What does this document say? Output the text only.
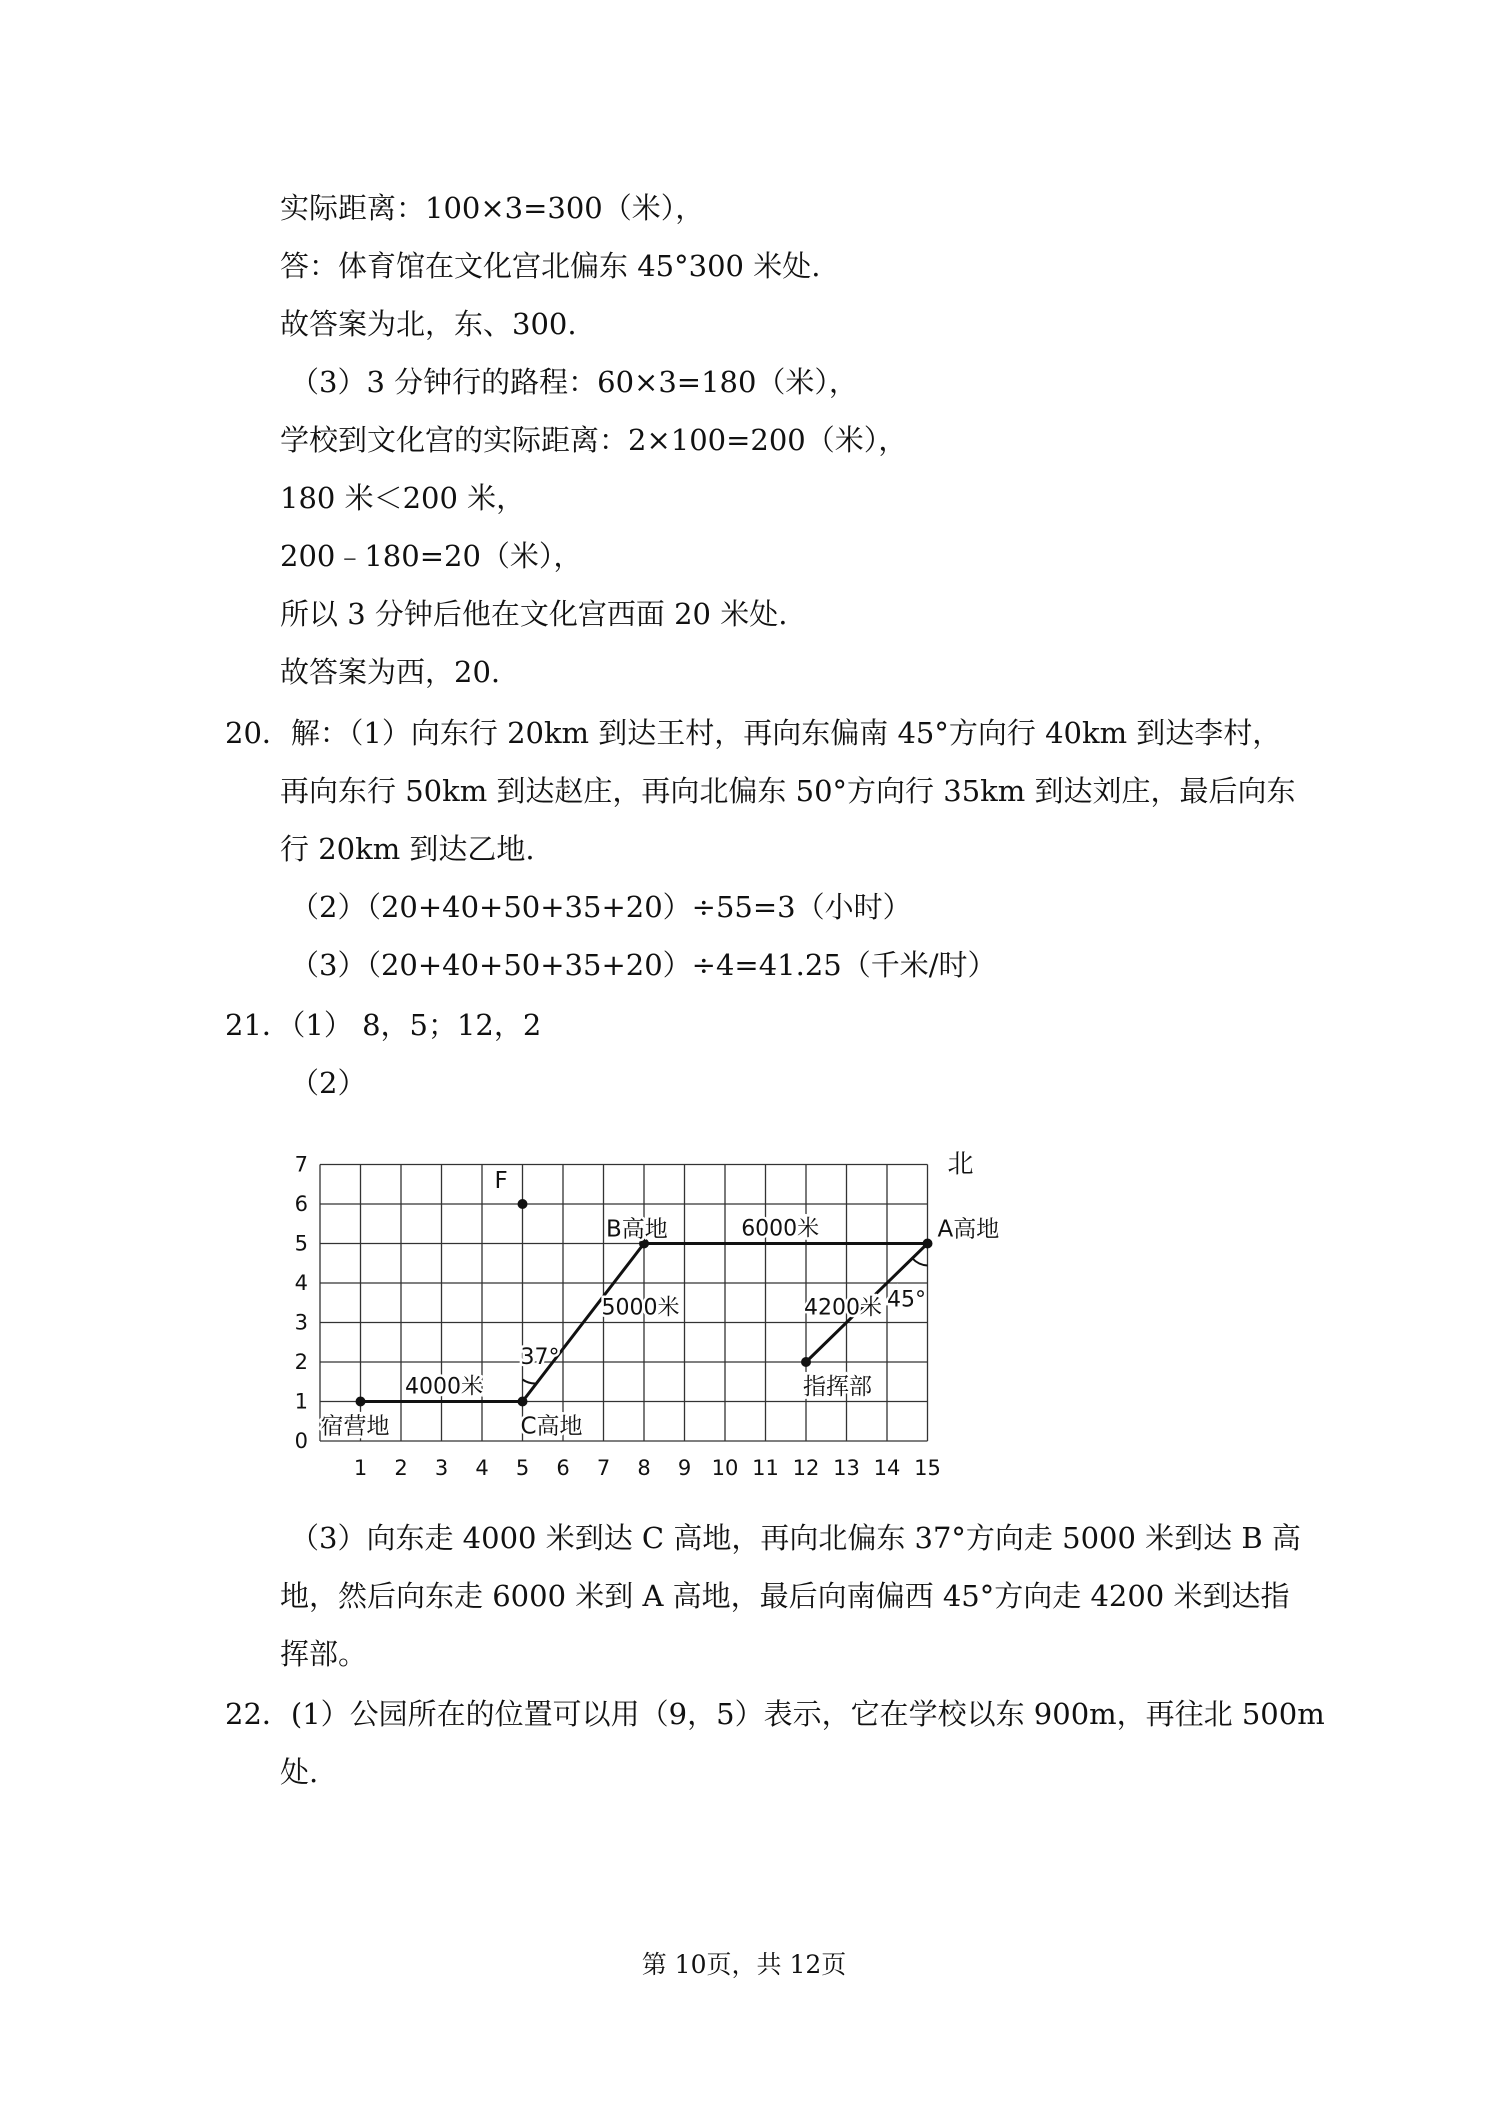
实际距离：100×3=300（米），
答：体育馆在文化宫北偏东 45°300 米处.
故答案为北，东、300.
（3）3 分钟行的路程：60×3=180（米），
学校到文化宫的实际距离：2×100=200（米），
180 米＜200 米，
200﹣180=20（米），
所以 3 分钟后他在文化宫西面 20 米处.
故答案为西，20.
20．解：（1）向东行 20km 到达王村，再向东偏南 45°方向行 40km 到达李村，
再向东行 50km 到达赵庄，再向北偏东 50°方向行 35km 到达刘庄，最后向东
行 20km 到达乙地.
（2）（20+40+50+35+20）÷55=3（小时）
（3）（20+40+50+35+20）÷4=41.25（千米/时）
21．（1） 8，5；12，2
（2）
1 2 3 4 5 6 7 8 9 10 11 12 13 14 15
0
1
2
3
4
5
6
7	北
宿营地	C高地
B高地	A高地
指挥部
F
4000米
5000米
6000米
4200米
37°
45°
（3）向东走 4000 米到达 C 高地，再向北偏东 37°方向走 5000 米到达 B 高
地，然后向东走 6000 米到 A 高地，最后向南偏西 45°方向走 4200 米到达指
挥部。
22．(1）公园所在的位置可以用（9，5）表示，它在学校以东 900m，再往北 500m
处.
第 10页，共 12页
